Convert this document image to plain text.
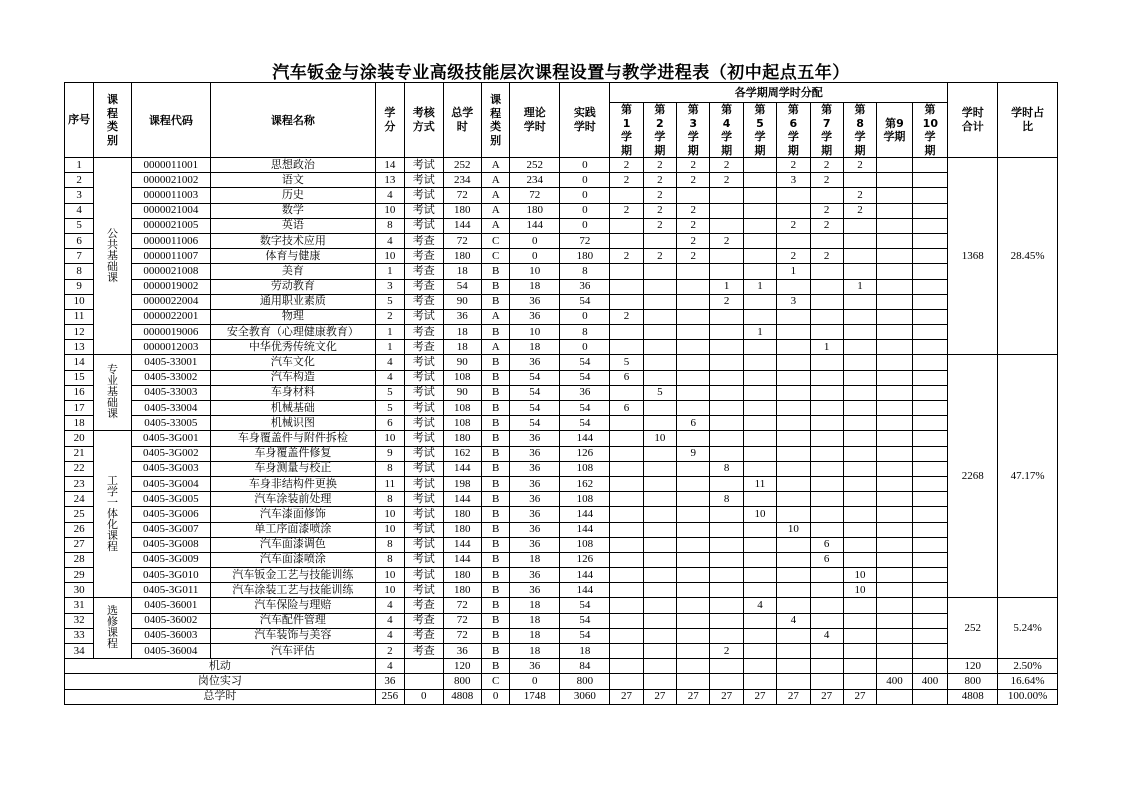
汽车钣金与涂装专业高级技能层次课程设置与教学进程表（初中起点五年）
序号	课程类别	课程代码	课程名称	学分	考核方式	总学时	课程类别	理论学时	实践学时	各学期周学时分配										学时合计	学时占比
										第1学期	第2学期	第3学期	第4学期	第5学期	第6学期	第7学期	第8学期	第9学期	第10学期		
1	公共基础课	0000011001	思想政治	14	考试	252	A	252	0	2	2	2	2		2	2	2			1368	28.45%
2		0000021002	语文	13	考试	234	A	234	0	2	2	2	2		3	2					
3		0000011003	历史	4	考试	72	A	72	0		2						2				
4		0000021004	数学	10	考试	180	A	180	0	2	2	2				2	2				
5		0000021005	英语	8	考试	144	A	144	0		2	2			2	2					
6		0000011006	数字技术应用	4	考查	72	C	0	72			2	2								
7		0000011007	体育与健康	10	考查	180	C	0	180	2	2	2			2	2					
8		0000021008	美育	1	考查	18	B	10	8						1						
9		0000019002	劳动教育	3	考查	54	B	18	36				1	1			1				
10		0000022004	通用职业素质	5	考查	90	B	36	54				2		3						
11		0000022001	物理	2	考试	36	A	36	0	2											
12		0000019006	安全教育（心理健康教育）	1	考查	18	B	10	8					1							
13		0000012003	中华优秀传统文化	1	考查	18	A	18	0							1					
14	专业基础课	0405-33001	汽车文化	4	考试	90	B	36	54	5										2268	47.17%
15		0405-33002	汽车构造	4	考试	108	B	54	54	6											
16		0405-33003	车身材料	5	考试	90	B	54	36		5										
17		0405-33004	机械基础	5	考试	108	B	54	54	6											
18		0405-33005	机械识图	6	考试	108	B	54	54			6									
20	工学一体化课程	0405-3G001	车身覆盖件与附件拆检	10	考试	180	B	36	144		10										
21		0405-3G002	车身覆盖件修复	9	考试	162	B	36	126			9									
22		0405-3G003	车身测量与校正	8	考试	144	B	36	108				8								
23		0405-3G004	车身非结构件更换	11	考试	198	B	36	162					11							
24		0405-3G005	汽车涂装前处理	8	考试	144	B	36	108				8								
25		0405-3G006	汽车漆面修饰	10	考试	180	B	36	144					10							
26		0405-3G007	单工序面漆喷涂	10	考试	180	B	36	144						10						
27		0405-3G008	汽车面漆调色	8	考试	144	B	36	108							6					
28		0405-3G009	汽车面漆喷涂	8	考试	144	B	18	126							6					
29		0405-3G010	汽车钣金工艺与技能训练	10	考试	180	B	36	144								10				
30		0405-3G011	汽车涂装工艺与技能训练	10	考试	180	B	36	144								10				
31	选修课程	0405-36001	汽车保险与理赔	4	考查	72	B	18	54					4						252	5.24%
32		0405-36002	汽车配件管理	4	考查	72	B	18	54						4						
33		0405-36003	汽车装饰与美容	4	考查	72	B	18	54							4					
34		0405-36004	汽车评估	2	考查	36	B	18	18				2								
机动				4		120	B	36	84											120	2.50%
岗位实习				36		800	C	0	800									400	400	800	16.64%
总学时				256	0	4808	0	1748	3060	27	27	27	27	27	27	27	27			4808	100.00%
